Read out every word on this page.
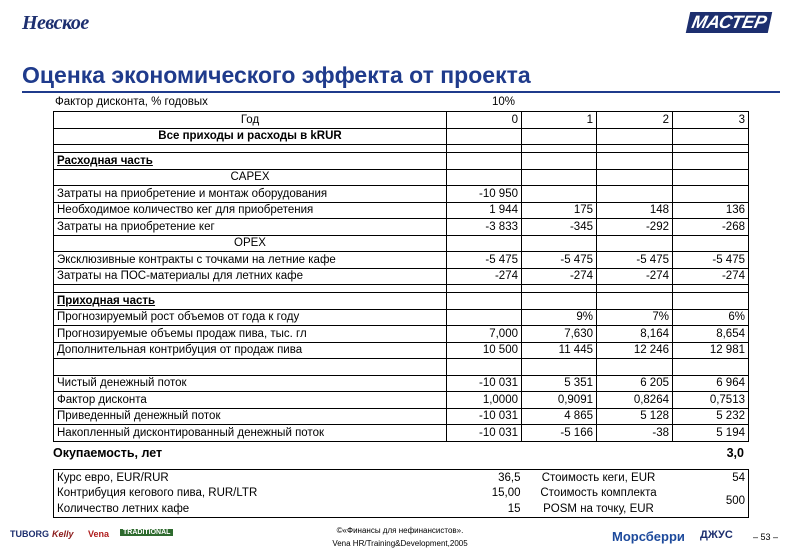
Невское	МАСТЕР
Оценка экономического эффекта от проекта
Фактор дисконта, % годовых	10%
Год	0	1	2	3
Все приходы и расходы в kRUR				

Расходная часть				
CAPEX				
Затраты на приобретение и монтаж оборудования	-10 950			
Необходимое количество кег для приобретения	1 944	175	148	136
Затраты на приобретение кег	-3 833	-345	-292	-268
OPEX				
Эксклюзивные контракты с точками на летние кафе	-5 475	-5 475	-5 475	-5 475
Затраты на ПОС-материалы для летних кафе	-274	-274	-274	-274

Приходная часть				
Прогнозируемый рост объемов от года к году		9%	7%	6%
Прогнозируемые объемы продаж пива, тыс. гл	7,000	7,630	8,164	8,654
Дополнительная контрибуция от продаж пива	10 500	11 445	12 246	12 981

Чистый денежный поток	-10 031	5 351	6 205	6 964
Фактор дисконта	1,0000	0,9091	0,8264	0,7513
Приведенный денежный поток	-10 031	4 865	5 128	5 232
Накопленный дисконтированный денежный поток	-10 031	-5 166	-38	5 194
Окупаемость, лет	3,0
Курс евро, EUR/RUR	36,5	Стоимость кеги, EUR	54
Контрибуция кегового пива, RUR/LTR	15,00	Стоимость комплекта	500
Количество летних кафе	15	POSM на точку, EUR	
TUBORG Kelly Vena	TRADITIONAL	Морсберри ДЖУС
©«Финансы для нефинансистов».
Vena HR/Training&Development,2005
– 53 –
